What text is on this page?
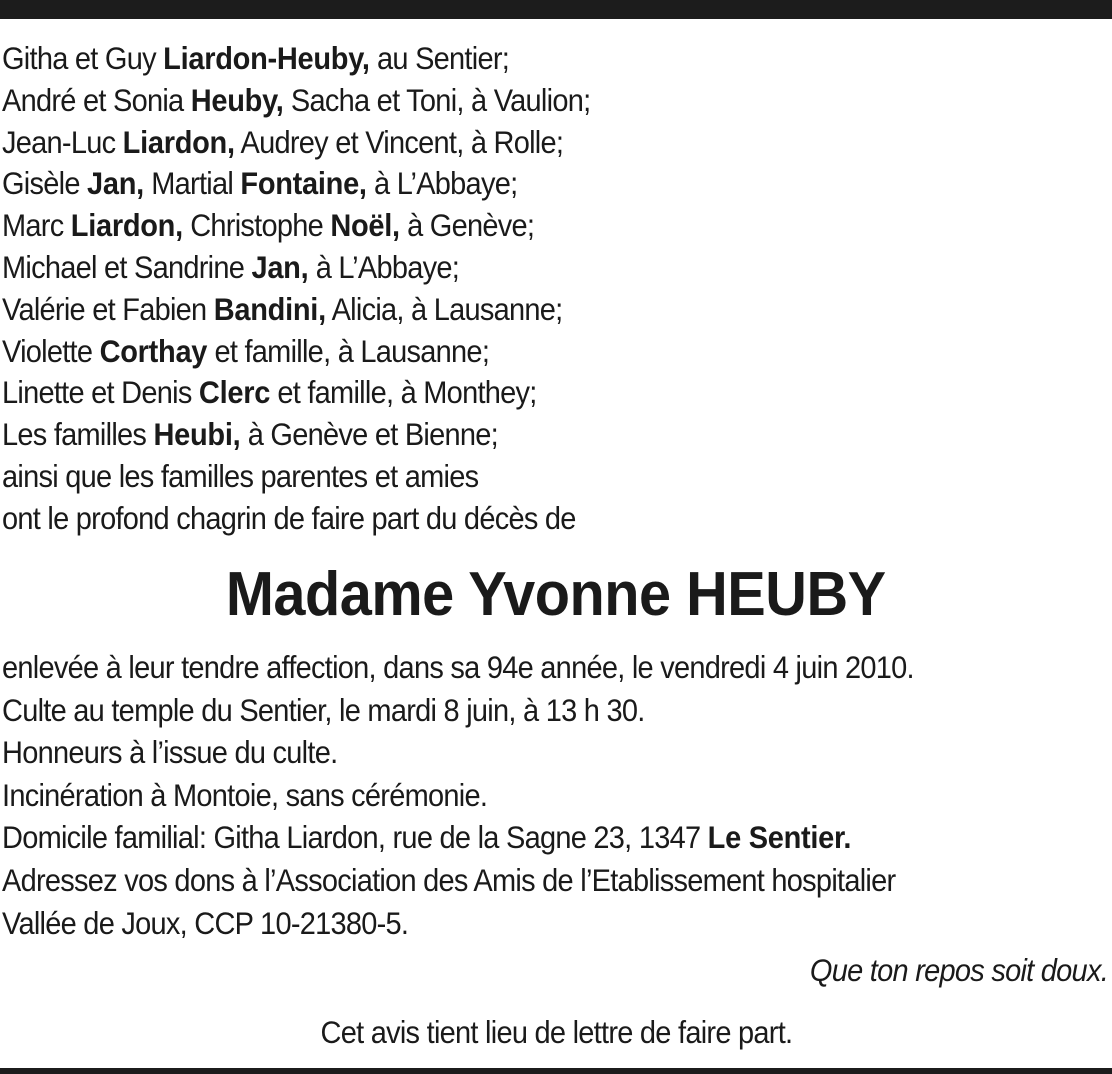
Githa et Guy Liardon-Heuby, au Sentier;
André et Sonia Heuby, Sacha et Toni, à Vaulion;
Jean-Luc Liardon, Audrey et Vincent, à Rolle;
Gisèle Jan, Martial Fontaine, à L’Abbaye;
Marc Liardon, Christophe Noël, à Genève;
Michael et Sandrine Jan, à L’Abbaye;
Valérie et Fabien Bandini, Alicia, à Lausanne;
Violette Corthay et famille, à Lausanne;
Linette et Denis Clerc et famille, à Monthey;
Les familles Heubi, à Genève et Bienne;
ainsi que les familles parentes et amies
ont le profond chagrin de faire part du décès de
Madame Yvonne HEUBY
enlevée à leur tendre affection, dans sa 94e année, le vendredi 4 juin 2010.
Culte au temple du Sentier, le mardi 8 juin, à 13 h 30.
Honneurs à l’issue du culte.
Incinération à Montoie, sans cérémonie.
Domicile familial: Githa Liardon, rue de la Sagne 23, 1347 Le Sentier.
Adressez vos dons à l’Association des Amis de l’Etablissement hospitalier
Vallée de Joux, CCP 10-21380-5.
Que ton repos soit doux.
Cet avis tient lieu de lettre de faire part.
